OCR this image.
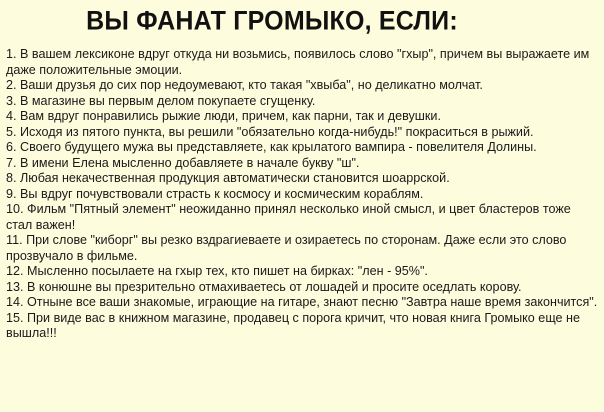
ВЫ ФАНАТ ГРОМЫКО, ЕСЛИ:
1. В вашем лексиконе вдруг откуда ни возьмись, появилось слово "гхыр", причем вы выражаете им даже положительные эмоции.
2. Ваши друзья до сих пор недоумевают, кто такая "хвыба", но деликатно молчат.
3. В магазине вы первым делом покупаете сгущенку.
4. Вам вдруг понравились рыжие люди, причем, как парни, так и девушки.
5. Исходя из пятого пункта, вы решили "обязательно когда-нибудь!" покраситься в рыжий.
6. Своего будущего мужа вы представляете, как крылатого вампира - повелителя Долины.
7. В имени Елена мысленно добавляете в начале букву "ш".
8. Любая некачественная продукция автоматически становится шоаррской.
9. Вы вдруг почувствовали страсть к космосу и космическим кораблям.
10. Фильм "Пятный элемент" неожиданно принял несколько иной смысл, и цвет бластеров тоже стал важен!
11. При слове "киборг" вы резко вздрагиеваете и озираетесь по сторонам. Даже если это слово прозвучало в фильме.
12. Мысленно посылаете на гхыр тех, кто пишет на бирках: "лен - 95%".
13. В конюшне вы презрительно отмахиваетесь от лошадей и просите оседлать корову.
14. Отныне все ваши знакомые, играющие на гитаре, знают песню "Завтра наше время закончится".
15. При виде вас в книжном магазине, продавец с порога кричит, что новая книга Громыко еще не вышла!!!
